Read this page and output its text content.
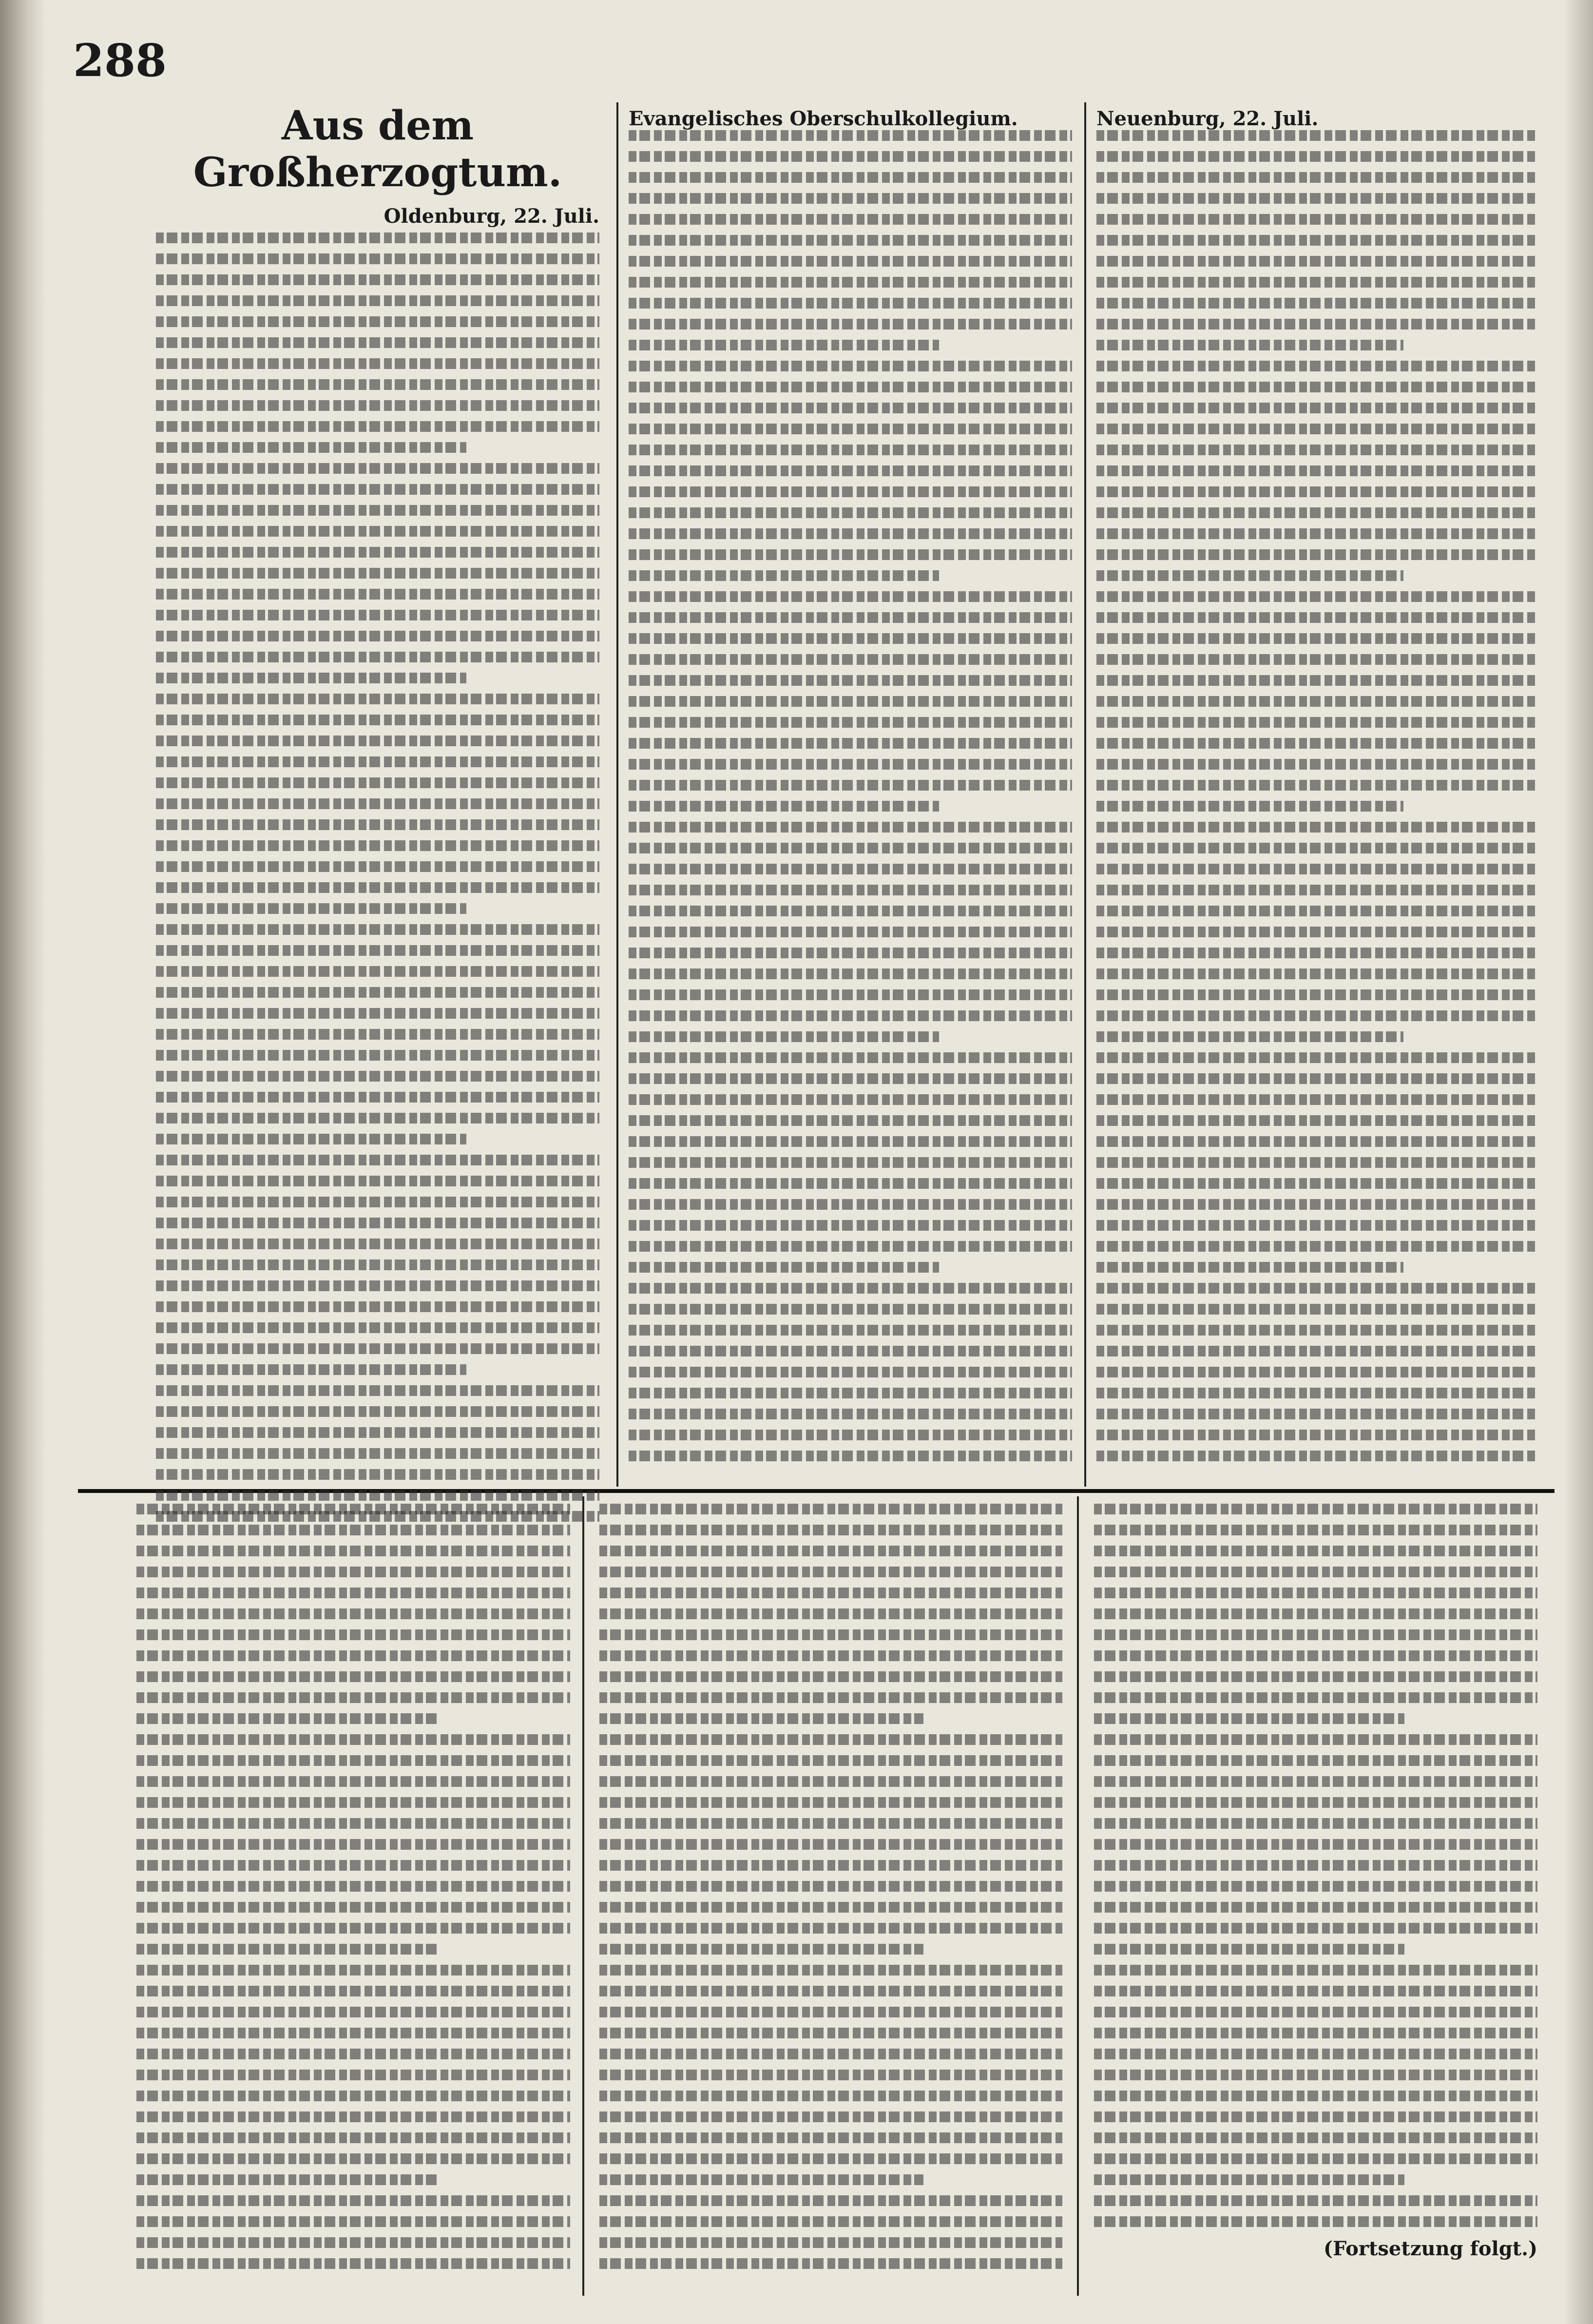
288
Aus dem Großherzogtum.
Oldenburg, 22. Juli.
Evangelisches Oberschulkollegium.	Neuenburg, 22. Juli.
(Fortsetzung folgt.)
